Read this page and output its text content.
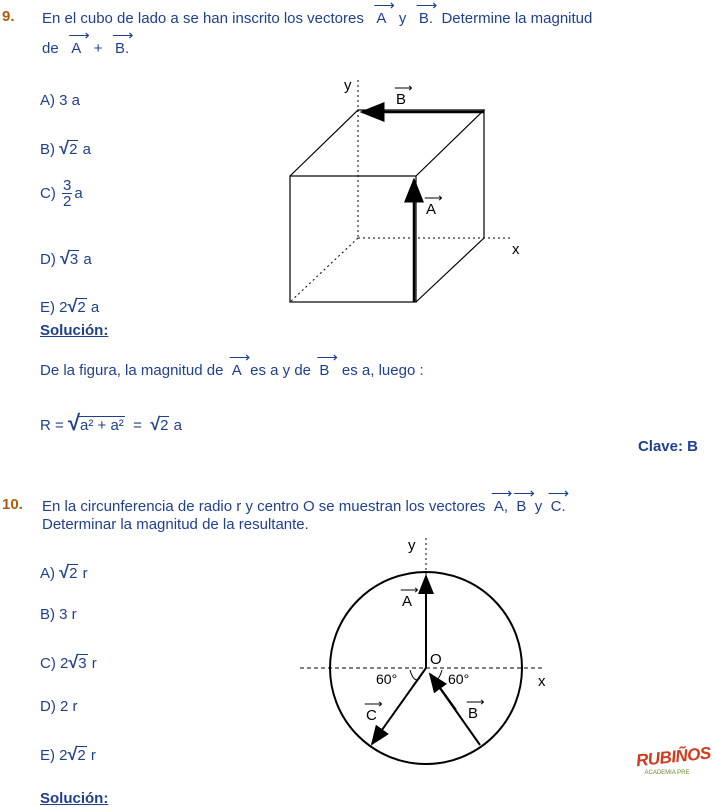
9. En el cubo de lado a se han inscrito los vectores
⟶
A y
⟶
B. Determine la magnitud
de
⟶
A +
⟶
B.
A) 3 a
B) √2 a
$C) \frac{3}{2}$ a
D) √3 a
E) 2√2 a
Solución:
De la figura, la magnitud de
⟶
A es a y de
⟶
B es a, luego :
R = √a² + a² = √2 a
Clave: B
y
x
B
⟶
A
⟶
10. En la circunferencia de radio r y centro O se muestran los vectores
⟶
A,
⟶
B y
⟶
C.
Determinar la magnitud de la resultante.
A) √2 r
B) 3 r
C) 2√3 r
D) 2 r
E) 2√2 r
Solución:
y
x
A
⟶
B
⟶
C
⟶
O
60°	60°
RUBIÑOS
ACADEMIA PRE
